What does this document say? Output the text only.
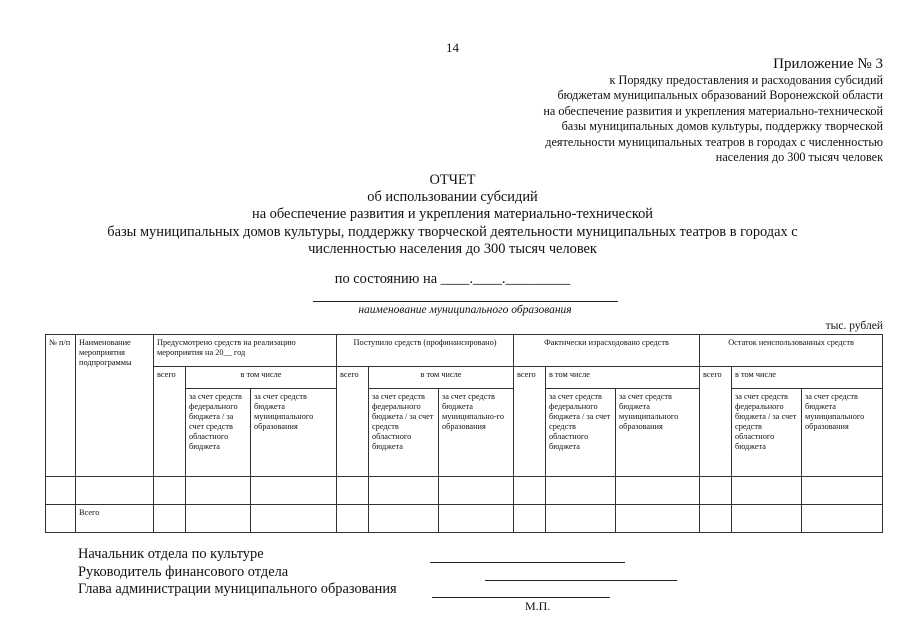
14
Приложение № 3
к Порядку предоставления и расходования субсидий
бюджетам муниципальных образований Воронежской области
на обеспечение развития и укрепления материально-технической
базы муниципальных домов культуры, поддержку творческой
деятельности муниципальных театров в городах с численностью
населения до 300 тысяч человек
ОТЧЕТ
об использовании субсидий
на обеспечение развития и укрепления материально-технической
базы муниципальных домов культуры, поддержку творческой деятельности муниципальных театров в городах с
численностью населения до 300 тысяч человек
по состоянию на ____.____._________
наименование муниципального образования
тыс. рублей
№ п/п	Наименование мероприятия подпрограммы	Предусмотрено средств на реализацию мероприятия на 20__ год			Поступило средств (профинансировано)			Фактически израсходовано средств			Остаток неиспользованных средств		
		всего	в том числе		всего	в том числе		всего	в том числе		всего	в том числе	
			за счет средств федерального бюджета / за счет средств областного бюджета	за счет средств бюджета муниципального образования		за счет средств федерального бюджета / за счет средств областного бюджета	за счет средств бюджета муниципально-го образования		за счет средств федерального бюджета / за счет средств областного бюджета	за счет средств бюджета муниципального образования		за счет средств федерального бюджета / за счет средств областного бюджета	за счет средств бюджета муниципального образования

	Всего												
Начальник отдела по культуре
Руководитель финансового отдела
Глава администрации муниципального образования
М.П.
